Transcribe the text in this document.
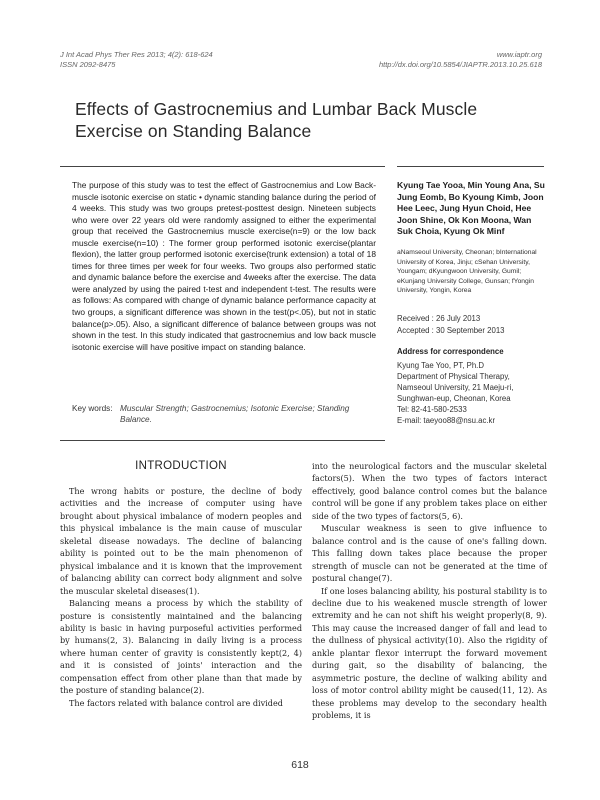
J Int Acad Phys Ther Res 2013; 4(2): 618-624
ISSN 2092-8475
www.iaptr.org
http://dx.doi.org/10.5854/JIAPTR.2013.10.25.618
Effects of Gastrocnemius and Lumbar Back Muscle Exercise on Standing Balance

The purpose of this study was to test the effect of Gastrocnemius and Low Back-muscle isotonic exercise on static • dynamic standing balance during the period of 4 weeks. This study was two groups pretest-posttest design. Nineteen subjects who were over 22 years old were randomly assigned to either the experimental group that received the Gastrocnemius muscle exercise(n=9) or the low back muscle exercise(n=10) : The former group performed isotonic exercise(plantar flexion), the latter group performed isotonic exercise(trunk extension) a total of 18 times for three times per week for four weeks. Two groups also performed static and dynamic balance before the exercise and 4weeks after the exercise. The data were analyzed by using the paired t-test and independent t-test. The results were as follows: As compared with change of dynamic balance performance capacity at two groups, a significant difference was shown in the test(p<.05), but not in static balance(p>.05). Also, a significant difference of balance between groups was not shown in the test. In this study indicated that gastrocnemius and low back muscle isotonic exercise will have positive impact on standing balance.

Key words: Muscular Strength; Gastrocnemius; Isotonic Exercise; Standing Balance.
Kyung Tae Yooa, Min Young Ana, Su Jung Eomb, Bo Kyoung Kimb, Joon Hee Leec, Jung Hyun Choid, Hee Joon Shine, Ok Kon Moona, Wan Suk Choia, Kyung Ok Minf
aNamseoul University, Cheonan; bInternational University of Korea, Jinju; cSehan University, Youngam; dKyungwoon University, Gumil; eKunjang University College, Gunsan; fYongin University, Yongin, Korea
Received : 26 July 2013
Accepted : 30 September 2013
Address for correspondence
Kyung Tae Yoo, PT, Ph.D
Department of Physical Therapy,
Namseoul University, 21 Maeju-ri,
Sunghwan-eup, Cheonan, Korea
Tel: 82-41-580-2533
E-mail: taeyoo88@nsu.ac.kr
INTRODUCTION

The wrong habits or posture, the decline of body activities and the increase of computer using have brought about physical imbalance of modern peoples and this physical imbalance is the main cause of muscular skeletal disease nowadays. The decline of balancing ability is pointed out to be the main phenomenon of physical imbalance and it is known that the improvement of balancing ability can correct body alignment and solve the muscular skeletal diseases(1).

Balancing means a process by which the stability of posture is consistently maintained and the balancing ability is basic in having purposeful activities performed by humans(2, 3). Balancing in daily living is a process where human center of gravity is consistently kept(2, 4) and it is consisted of joints' interaction and the compensation effect from other plane than that made by the posture of standing balance(2).

The factors related with balance control are divided

into the neurological factors and the muscular skeletal factors(5). When the two types of factors interact effectively, good balance control comes but the balance control will be gone if any problem takes place on either side of the two types of factors(5, 6).

Muscular weakness is seen to give influence to balance control and is the cause of one's falling down. This falling down takes place because the proper strength of muscle can not be generated at the time of postural change(7).

If one loses balancing ability, his postural stability is to decline due to his weakened muscle strength of lower extremity and he can not shift his weight properly(8, 9). This may cause the increased danger of fall and lead to the dullness of physical activity(10). Also the rigidity of ankle plantar flexor interrupt the forward movement during gait, so the disability of balancing, the asymmetric posture, the decline of walking ability and loss of motor control ability might be caused(11, 12). As these problems may develop to the secondary health problems, it is

618
